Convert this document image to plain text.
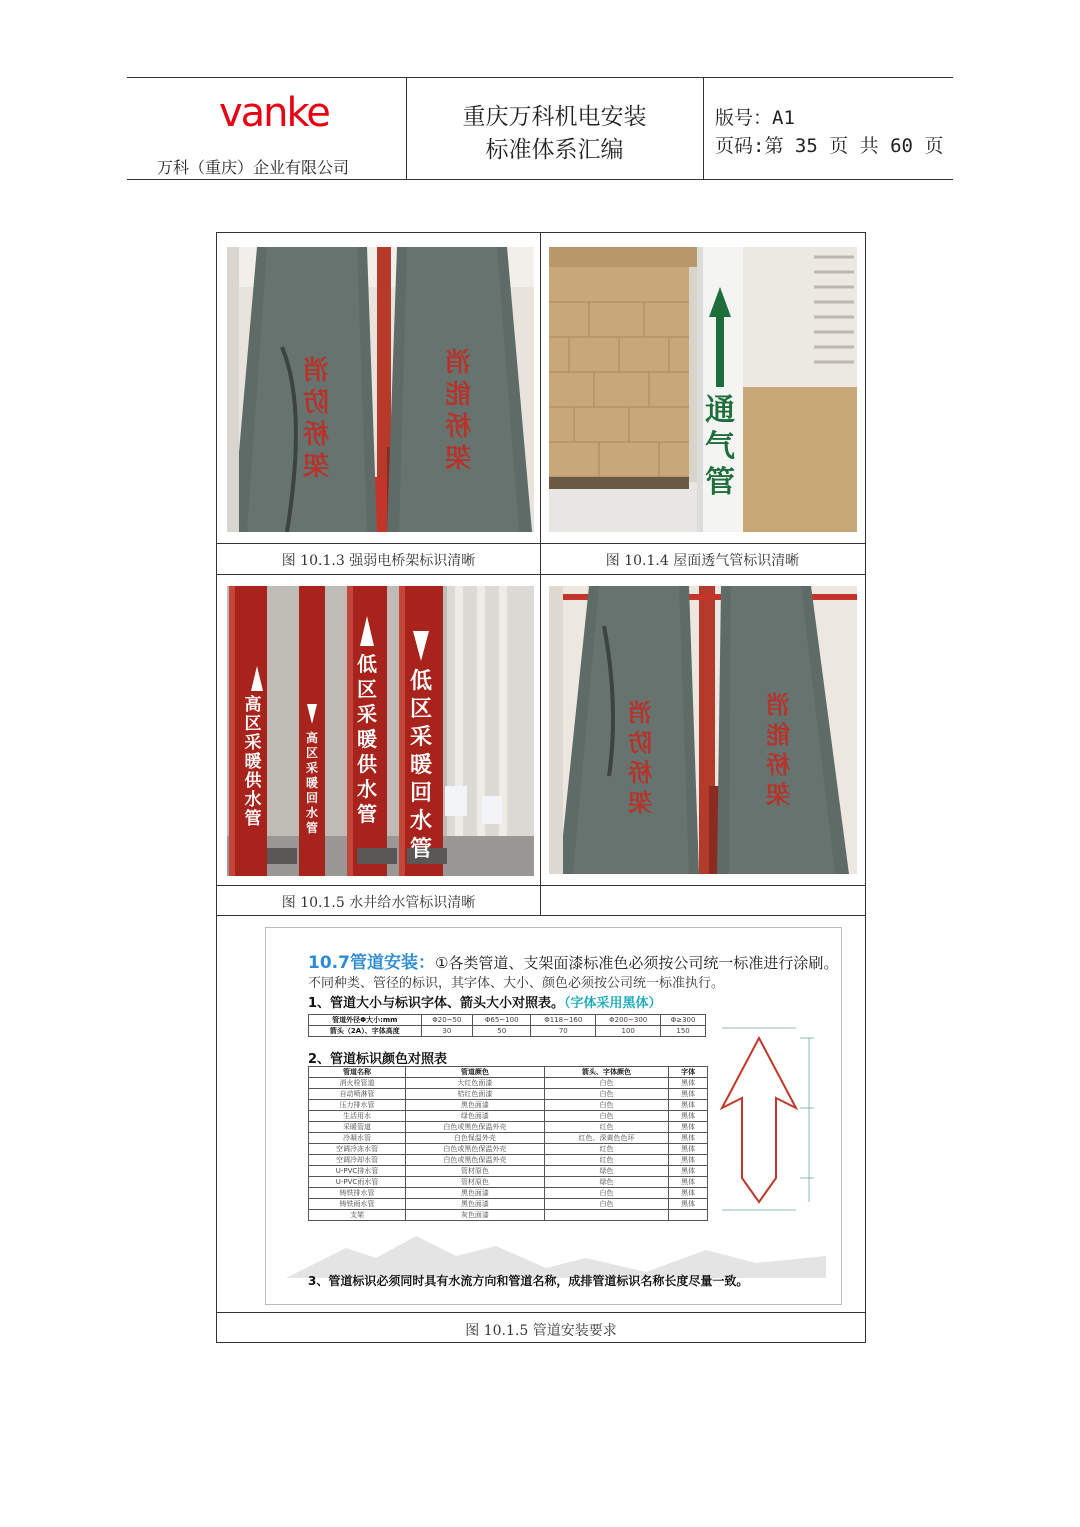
vanke
万科（重庆）企业有限公司
重庆万科机电安装
标准体系汇编
版号：A1
页码:第 35 页 共 60 页
消防桥架
消能桥架
通气管
图 10.1.3 强弱电桥架标识清晰	图 10.1.4 屋面透气管标识清晰
高区采暖供水管
高区采暖回水管
低区采暖供水管
低区采暖回水管
消防桥架
消能桥架
图 10.1.5 水井给水管标识清晰
10.7管道安装：①各类管道、支架面漆标准色必须按公司统一标准进行涂刷。
不同种类、管径的标识，其字体、大小、颜色必须按公司统一标准执行。
1、管道大小与标识字体、箭头大小对照表。（字体采用黑体）
管道外径Φ大小:mm	Φ20~50	Φ65~100	Φ118~160	Φ200~300	Φ≥300
箭头（2A）、字体高度	30	50	70	100	150
2、管道标识颜色对照表
管道名称	管道颜色	箭头、字体颜色	字体
消火栓管道	大红色面漆	白色	黑体
自动喷淋管	桔红色面漆	白色	黑体
压力排水管	黑色面漆	白色	黑体
生活用水	绿色面漆	白色	黑体
采暖管道	白色或黑色保温外壳	红色	黑体
冷凝水管	白色保温外壳	红色、深黄色色环	黑体
空调冷冻水管	白色或黑色保温外壳	红色	黑体
空调冷却水管	白色或黑色保温外壳	红色	黑体
U-PVC排水管	管材原色	绿色	黑体
U-PVC雨水管	管材原色	绿色	黑体
铸铁排水管	黑色面漆	白色	黑体
铸铁雨水管	黑色面漆	白色	黑体
支架	灰色面漆		
3、管道标识必须同时具有水流方向和管道名称，成排管道标识名称长度尽量一致。
图 10.1.5 管道安装要求
